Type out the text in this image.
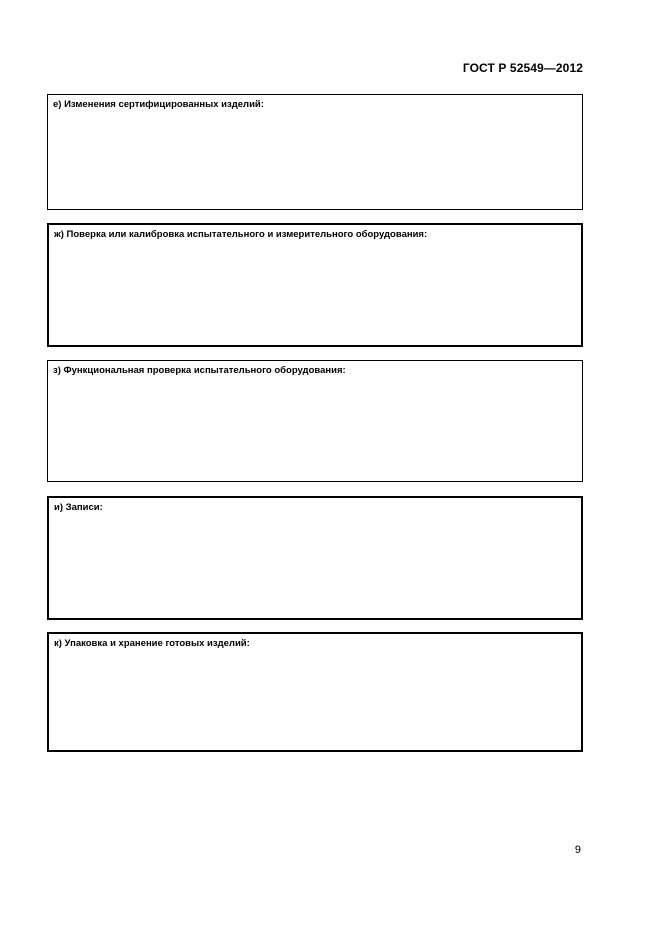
ГОСТ Р 52549—2012
е) Изменения сертифицированных изделий:
ж) Поверка или калибровка испытательного и измерительного оборудования:
з) Функциональная проверка испытательного оборудования:
и) Записи:
к) Упаковка и хранение готовых изделий:
9
